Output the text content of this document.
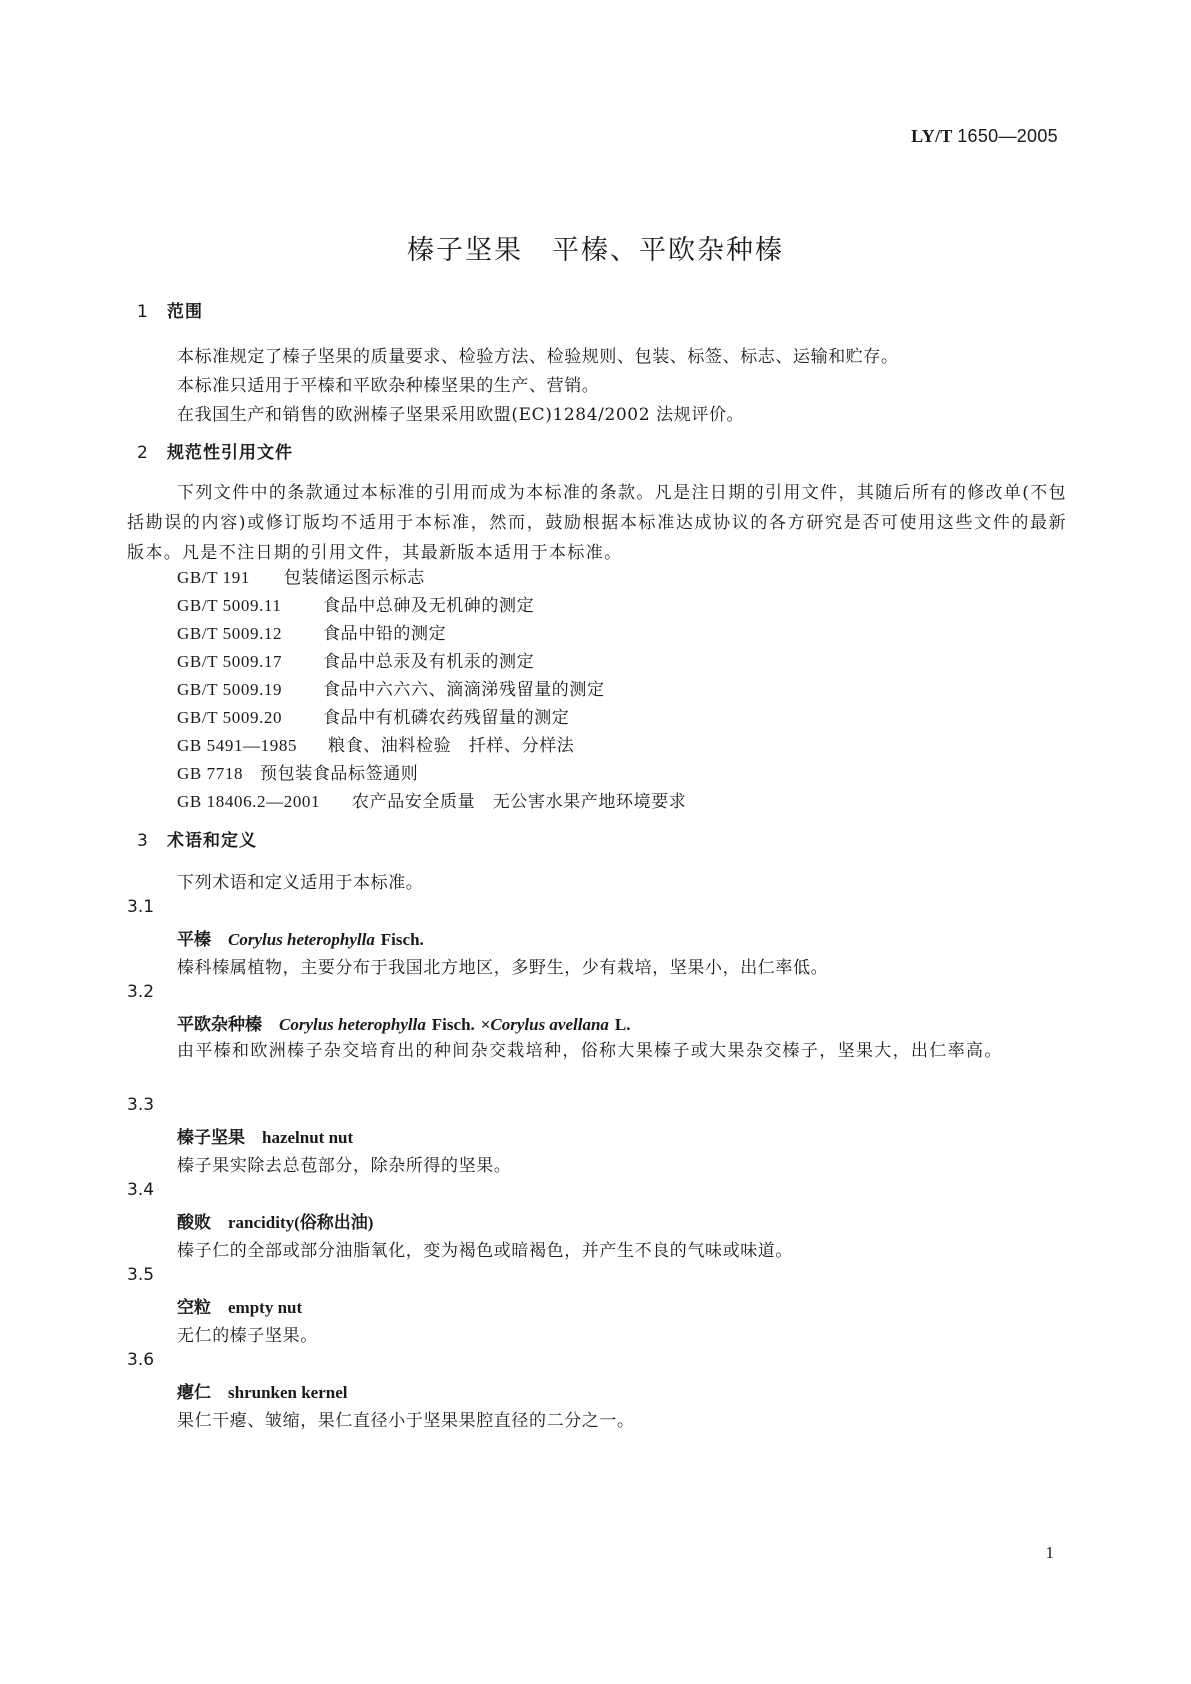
LY/T 1650—2005
榛子坚果　平榛、平欧杂种榛
1 范围
本标准规定了榛子坚果的质量要求、检验方法、检验规则、包装、标签、标志、运输和贮存。
本标准只适用于平榛和平欧杂种榛坚果的生产、营销。
在我国生产和销售的欧洲榛子坚果采用欧盟(EC)1284/2002 法规评价。
2 规范性引用文件
下列文件中的条款通过本标准的引用而成为本标准的条款。凡是注日期的引用文件，其随后所有的修改单(不包括勘误的内容)或修订版均不适用于本标准，然而，鼓励根据本标准达成协议的各方研究是否可使用这些文件的最新版本。凡是不注日期的引用文件，其最新版本适用于本标准。
GB/T 191 包装储运图示标志
GB/T 5009.11 食品中总砷及无机砷的测定
GB/T 5009.12 食品中铅的测定
GB/T 5009.17 食品中总汞及有机汞的测定
GB/T 5009.19 食品中六六六、滴滴涕残留量的测定
GB/T 5009.20 食品中有机磷农药残留量的测定
GB 5491—1985 粮食、油料检验　扦样、分样法
GB 7718 预包装食品标签通则
GB 18406.2—2001 农产品安全质量　无公害水果产地环境要求
3 术语和定义
下列术语和定义适用于本标准。
3.1
平榛  Corylus heterophylla Fisch.
榛科榛属植物，主要分布于我国北方地区，多野生，少有栽培，坚果小，出仁率低。
3.2
平欧杂种榛  Corylus heterophylla Fisch. ×Corylus avellana L.
由平榛和欧洲榛子杂交培育出的种间杂交栽培种，俗称大果榛子或大果杂交榛子，坚果大，出仁率高。
3.3
榛子坚果  hazelnut nut
榛子果实除去总苞部分，除杂所得的坚果。
3.4
酸败  rancidity(俗称出油)
榛子仁的全部或部分油脂氧化，变为褐色或暗褐色，并产生不良的气味或味道。
3.5
空粒  empty nut
无仁的榛子坚果。
3.6
瘪仁  shrunken kernel
果仁干瘪、皱缩，果仁直径小于坚果果腔直径的二分之一。
1
